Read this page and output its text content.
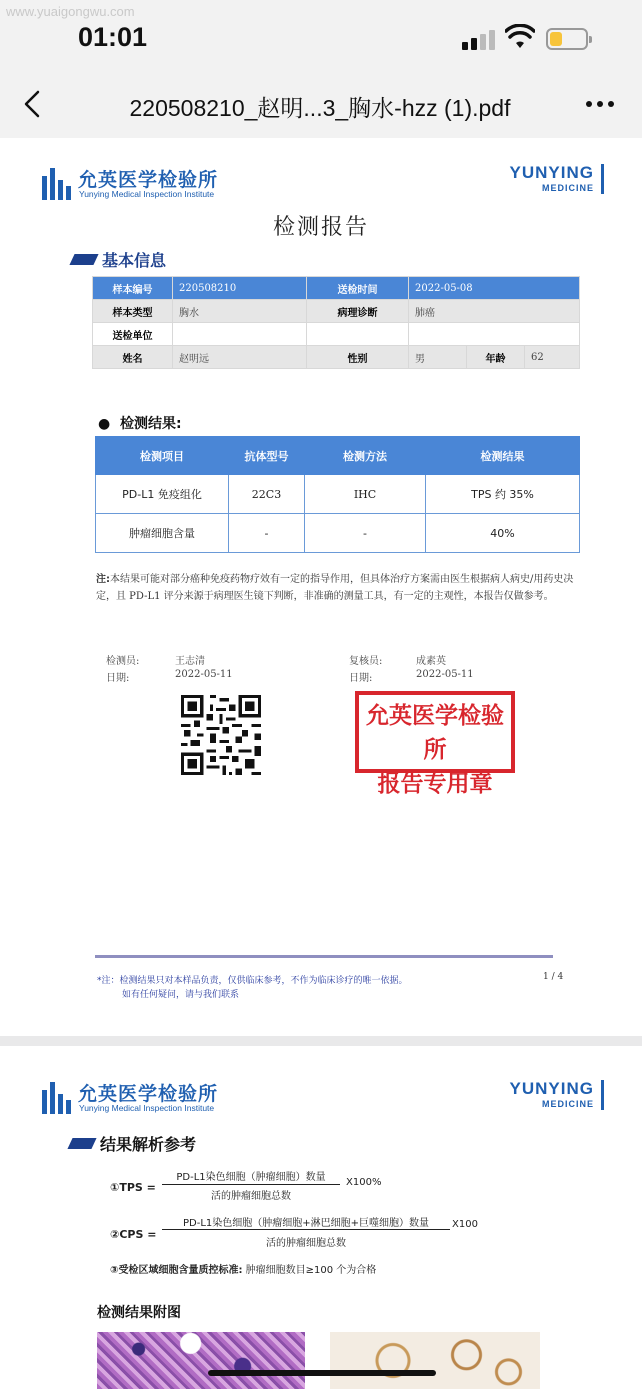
www.yuaigongwu.com
01:01
220508210_赵明...3_胸水-hzz (1).pdf
允英医学检验所
Yunying Medical Inspection Institute
YUNYING
MEDICINE
检测报告
基本信息
样本编号	220508210	送检时间	2022-05-08		
样本类型	胸水	病理诊断	肺癌		
送检单位					
姓名	赵明远	性别	男	年龄	62
●  检测结果:
检测项目	抗体型号	检测方法	检测结果
PD-L1 免疫组化	22C3	IHC	TPS 约 35%
肿瘤细胞含量	-	-	40%
注:本结果可能对部分癌种免疫药物疗效有一定的指导作用，但具体治疗方案需由医生根据病人病史/用药史决定，且 PD-L1 评分来源于病理医生镜下判断，非准确的测量工具，有一定的主观性，本报告仅做参考。
检测员:	王志清
日期:	2022-05-11
复核员:	成素英
日期:	2022-05-11
允英医学检验所
报告专用章
*注：检测结果只对本样品负责，仅供临床参考，不作为临床诊疗的唯一依据。
如有任何疑问，请与我们联系
1 / 4
允英医学检验所
Yunying Medical Inspection Institute
YUNYING
MEDICINE
结果解析参考
①TPS =
PD-L1染色细胞（肿瘤细胞）数量
活的肿瘤细胞总数
X100%
②CPS =
PD-L1染色细胞（肿瘤细胞+淋巴细胞+巨噬细胞）数量
活的肿瘤细胞总数
X100
③受检区域细胞含量质控标准: 肿瘤细胞数目≥100 个为合格
检测结果附图
